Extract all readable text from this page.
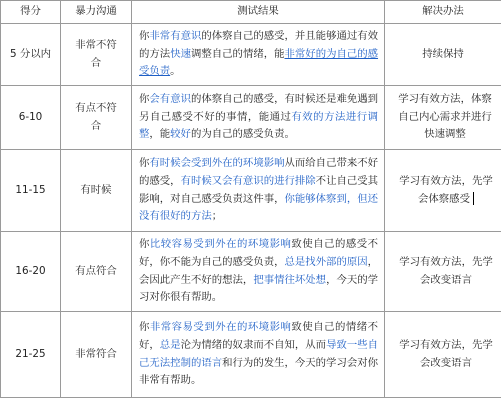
得分	暴力沟通	测试结果	解决办法
5 分以内	非常不符合	你非常有意识的体察自己的感受，并且能够通过有效的方法快速调整自己的情绪，能非常好的为自己的感受负责。	持续保持
6-10	有点不符合	你会有意识的体察自己的感受，有时候还是难免遇到另自己感受不好的事情，能通过有效的方法进行调整，能较好的为自己的感受负责。	学习有效方法，体察自己内心需求并进行快速调整
11-15	有时候	你有时候会受到外在的环境影响从而给自己带来不好的感受，有时候又会有意识的进行排除不让自己受其影响，对自己感受负责这件事，你能够体察到，但还没有很好的方法；	学习有效方法，先学会体察感受
16-20	有点符合	你比较容易受到外在的环境影响致使自己的感受不好，你不能为自己的感受负责，总是找外部的原因，会因此产生不好的想法，把事情往坏处想，今天的学习对你很有帮助。	学习有效方法，先学会改变语言
21-25	非常符合	你非常容易受到外在的环境影响致使自己的情绪不好，总是沦为情绪的奴隶而不自知，从而导致一些自己无法控制的语言和行为的发生，今天的学习会对你非常有帮助。	学习有效方法，先学会改变语言
